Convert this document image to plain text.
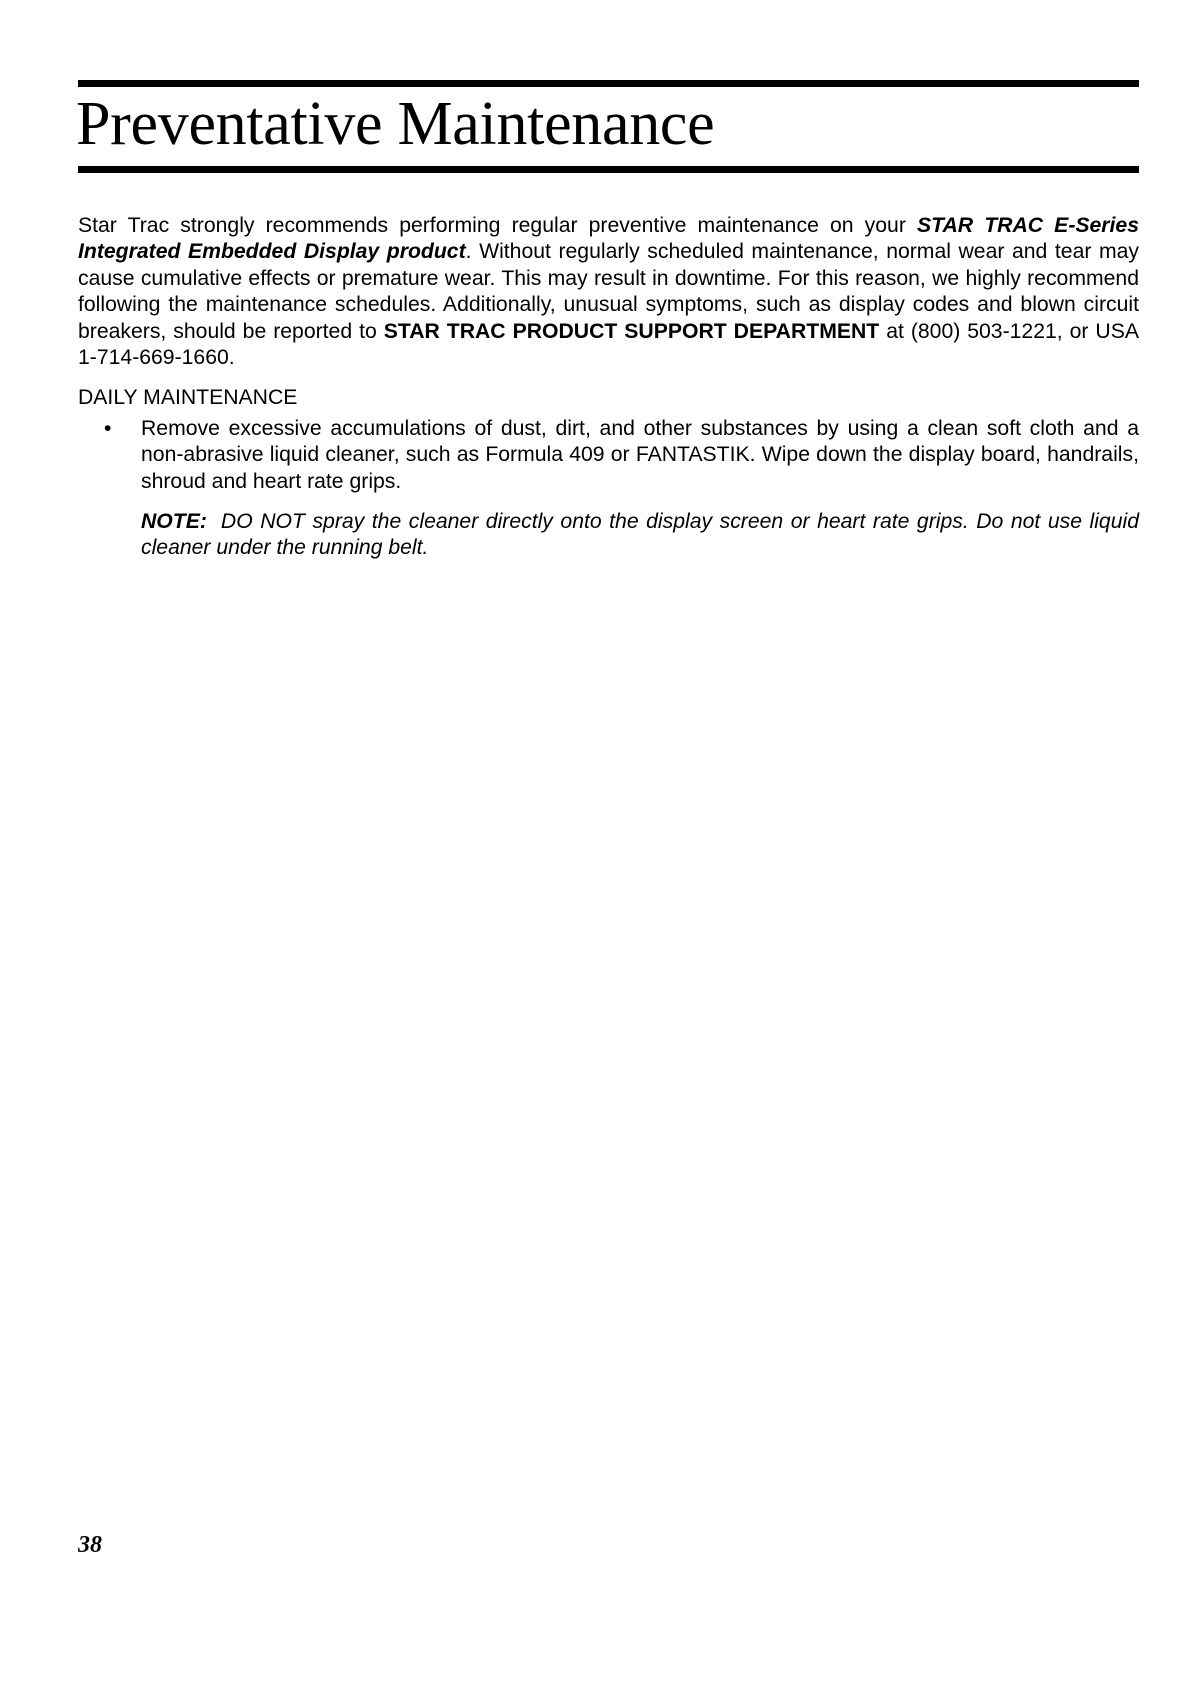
Preventative Maintenance

Star Trac strongly recommends performing regular preventive maintenance on your STAR TRAC E-Series Integrated Embedded Display product. Without regularly scheduled maintenance, normal wear and tear may cause cumulative effects or premature wear. This may result in downtime. For this reason, we highly recommend following the maintenance schedules. Additionally, unusual symptoms, such as display codes and blown circuit breakers, should be reported to STAR TRAC PRODUCT SUPPORT DEPARTMENT at (800) 503-1221, or USA 1-714-669-1660.

DAILY MAINTENANCE
• Remove excessive accumulations of dust, dirt, and other substances by using a clean soft cloth and a non-abrasive liquid cleaner, such as Formula 409 or FANTASTIK. Wipe down the display board, handrails, shroud and heart rate grips.

NOTE: DO NOT spray the cleaner directly onto the display screen or heart rate grips. Do not use liquid cleaner under the running belt.

38
